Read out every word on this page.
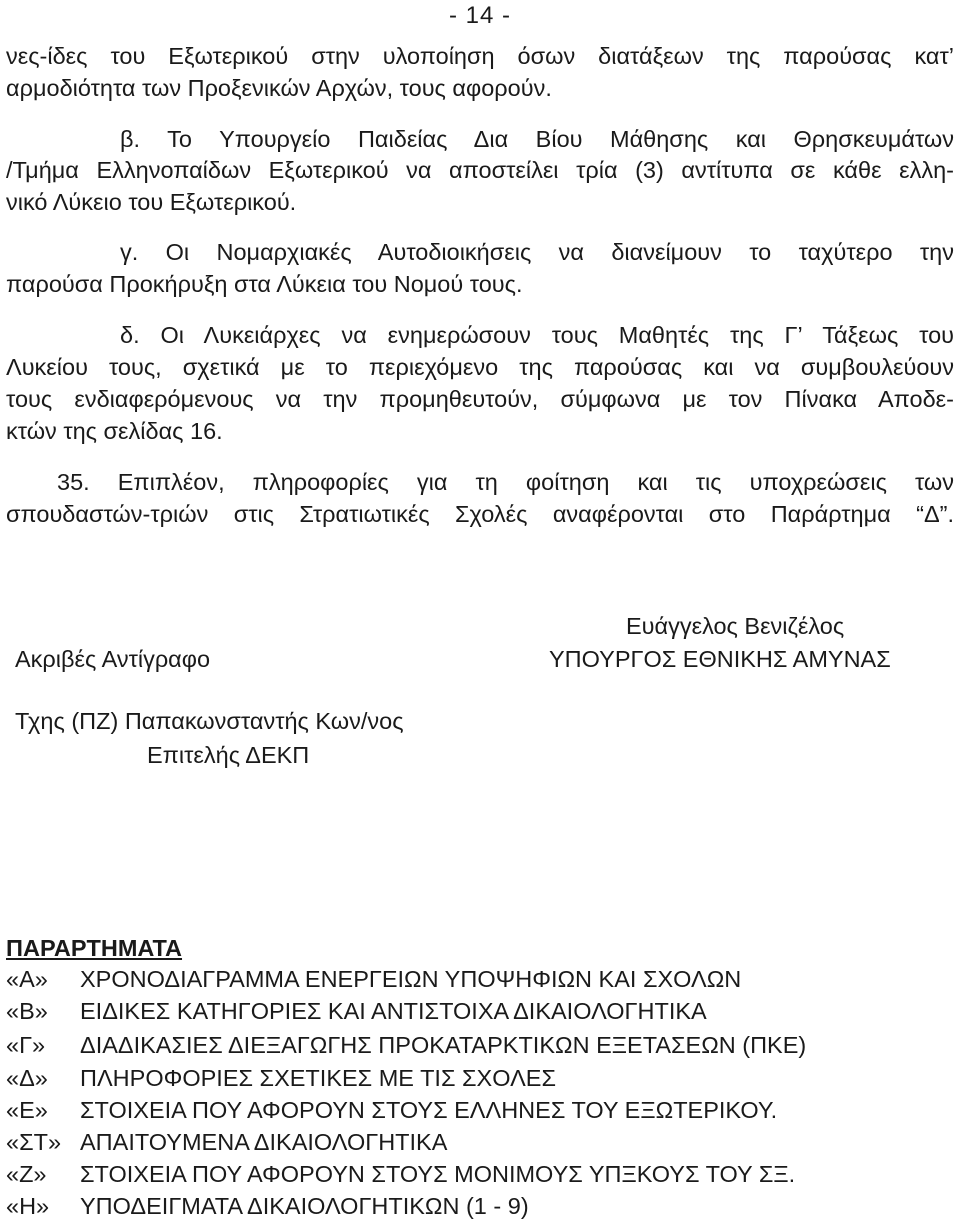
- 14 -
νες-ίδες του Εξωτερικού στην υλοποίηση όσων διατάξεων της παρούσας κατ’
αρμοδιότητα των Προξενικών Αρχών, τους αφορούν.
β. Το Υπουργείο Παιδείας Δια Βίου Μάθησης και Θρησκευμάτων
/Τμήμα Ελληνοπαίδων Εξωτερικού να αποστείλει τρία (3) αντίτυπα σε κάθε ελλη-
νικό Λύκειο του Εξωτερικού.
γ. Οι Νομαρχιακές Αυτοδιοικήσεις να διανείμουν το ταχύτερο την
παρούσα Προκήρυξη στα Λύκεια του Νομού τους.
δ. Οι Λυκειάρχες να ενημερώσουν τους Μαθητές της Γ’ Τάξεως του
Λυκείου τους, σχετικά με το περιεχόμενο της παρούσας και να συμβουλεύουν
τους ενδιαφερόμενους να την προμηθευτούν, σύμφωνα με τον Πίνακα Αποδε-
κτών της σελίδας 16.
35. Επιπλέον, πληροφορίες για τη φοίτηση και τις υποχρεώσεις των
σπουδαστών-τριών στις Στρατιωτικές Σχολές αναφέρονται στο Παράρτημα “Δ”.
Ακριβές Αντίγραφο
Ευάγγελος Βενιζέλος
ΥΠΟΥΡΓΟΣ ΕΘΝΙΚΗΣ ΑΜΥΝΑΣ
Τχης (ΠΖ) Παπακωνσταντής Κων/νος
Επιτελής ΔΕΚΠ
ΠΑΡΑΡΤΗΜΑΤΑ
«Α» ΧΡΟΝΟΔΙΑΓΡΑΜΜΑ ΕΝΕΡΓΕΙΩΝ ΥΠΟΨΗΦΙΩΝ ΚΑΙ ΣΧΟΛΩΝ
«Β» ΕΙΔΙΚΕΣ ΚΑΤΗΓΟΡΙΕΣ ΚΑΙ ΑΝΤΙΣΤΟΙΧΑ ΔΙΚΑΙΟΛΟΓΗΤΙΚΑ
«Γ» ΔΙΑΔΙΚΑΣΙΕΣ ΔΙΕΞΑΓΩΓΗΣ ΠΡΟΚΑΤΑΡΚΤΙΚΩΝ ΕΞΕΤΑΣΕΩΝ (ΠΚΕ)
«Δ» ΠΛΗΡΟΦΟΡΙΕΣ ΣΧΕΤΙΚΕΣ ΜΕ ΤΙΣ ΣΧΟΛΕΣ
«Ε» ΣΤΟΙΧΕΙΑ ΠΟΥ ΑΦΟΡΟΥΝ ΣΤΟΥΣ ΕΛΛΗΝΕΣ ΤΟΥ ΕΞΩΤΕΡΙΚΟΥ.
«ΣΤ» ΑΠΑΙΤΟΥΜΕΝΑ ΔΙΚΑΙΟΛΟΓΗΤΙΚΑ
«Ζ» ΣΤΟΙΧΕΙΑ ΠΟΥ ΑΦΟΡΟΥΝ ΣΤΟΥΣ ΜΟΝΙΜΟΥΣ ΥΠΞΚΟΥΣ ΤΟΥ ΣΞ.
«Η» ΥΠΟΔΕΙΓΜΑΤΑ ΔΙΚΑΙΟΛΟΓΗΤΙΚΩΝ (1 - 9)
